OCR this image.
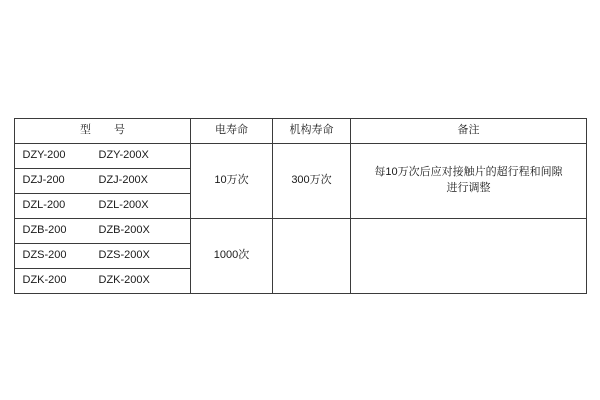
型　号	电寿命	机构寿命	备注
DZY-200 DZY-200X	10万次	300万次	每10万次后应对接触片的超行程和间隙
进行调整

DZJ-200 DZJ-200X			
DZL-200 DZL-200X			
DZB-200 DZB-200X	1000次		
DZS-200 DZS-200X			
DZK-200 DZK-200X			
